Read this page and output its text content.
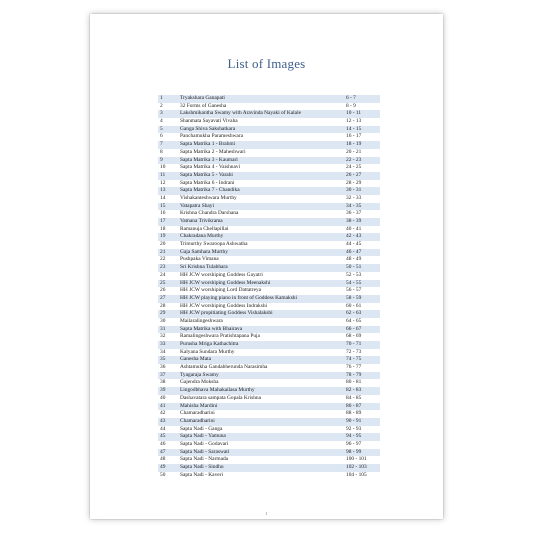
List of Images
1	Tryakshara Ganapati	6 - 7
2	32 Forms of Ganesha	8 - 9
3	Lakshmikantha Swamy with Aravinda Nayaki of Kalale	10 - 11
4	Shanmata Sayavati Vivaha	12 - 13
5	Ganga Shiva Sakshatkara	14 - 15
6	Panchamukha Parameshwara	16 - 17
7	Sapta Matrika 1 - Brahmi	18 - 19
8	Sapta Matrika 2 - Maheshwari	20 - 21
9	Sapta Matrika 3 - Kaumari	22 - 23
10	Sapta Matrika 4 - Vaishnavi	24 - 25
11	Sapta Matrika 5 - Varahi	26 - 27
12	Sapta Matrika 6 - Indrani	28 - 29
13	Sapta Matrika 7 - Chandika	30 - 31
14	Vishakanteshwara Murthy	32 - 33
15	Vatapatra Shayi	34 - 35
16	Krishna Chandra Darshana	36 - 37
17	Vamana Trivikrama	38 - 39
18	Ramanuja Chellapillai	40 - 41
19	Chakradana Murthy	42 - 43
20	Trimurthy Swaroopa Ashwatha	44 - 45
21	Gaja Samhara Murthy	46 - 47
22	Pushpaka Vimana	48 - 49
23	Sri Krishna Tulabhara	50 - 51
24	HH JCW worshiping Goddess Gayatri	52 - 53
25	HH JCW worshiping Goddess Meenakshi	54 - 55
26	HH JCW worshiping Lord Dattatreya	56 - 57
27	HH JCW playing piano in front of Goddess Kamakshi	58 - 59
28	HH JCW worshiping Goddess Indrakshi	60 - 61
29	HH JCW propitiating Goddess Vishalakshi	62 - 63
30	Mailaralingeshwara	64 - 65
31	Sapta Matrika with Bhairava	66 - 67
32	Ramalingeshwara Pratishtapana Puja	68 - 69
33	Purusha Mriga Kathachitra	70 - 71
34	Kalyana Sundara Murthy	72 - 73
35	Ganesha Mata	74 - 75
36	Ashtamukha Gandabherunda Narasimha	76 - 77
37	Tyagaraja Swamy	78 - 79
38	Gajendra Moksha	80 - 81
39	Lingodbhava Mahakailasa Murthy	82 - 83
40	Dashavatara sampata Gopala Krishna	84 - 85
41	Mahisha Mardini	86 - 87
42	Chamaradharini	88 - 89
43	Chamaradharini	90 - 91
44	Sapta Nadi - Ganga	92 - 93
45	Sapta Nadi - Yamuna	94 - 95
46	Sapta Nadi - Godavari	96 - 97
47	Sapta Nadi - Saraswati	98 - 99
48	Sapta Nadi - Narmada	100 - 101
49	Sapta Nadi - Sindhu	102 - 103
50	Sapta Nadi - Kaveri	104 - 105
1
